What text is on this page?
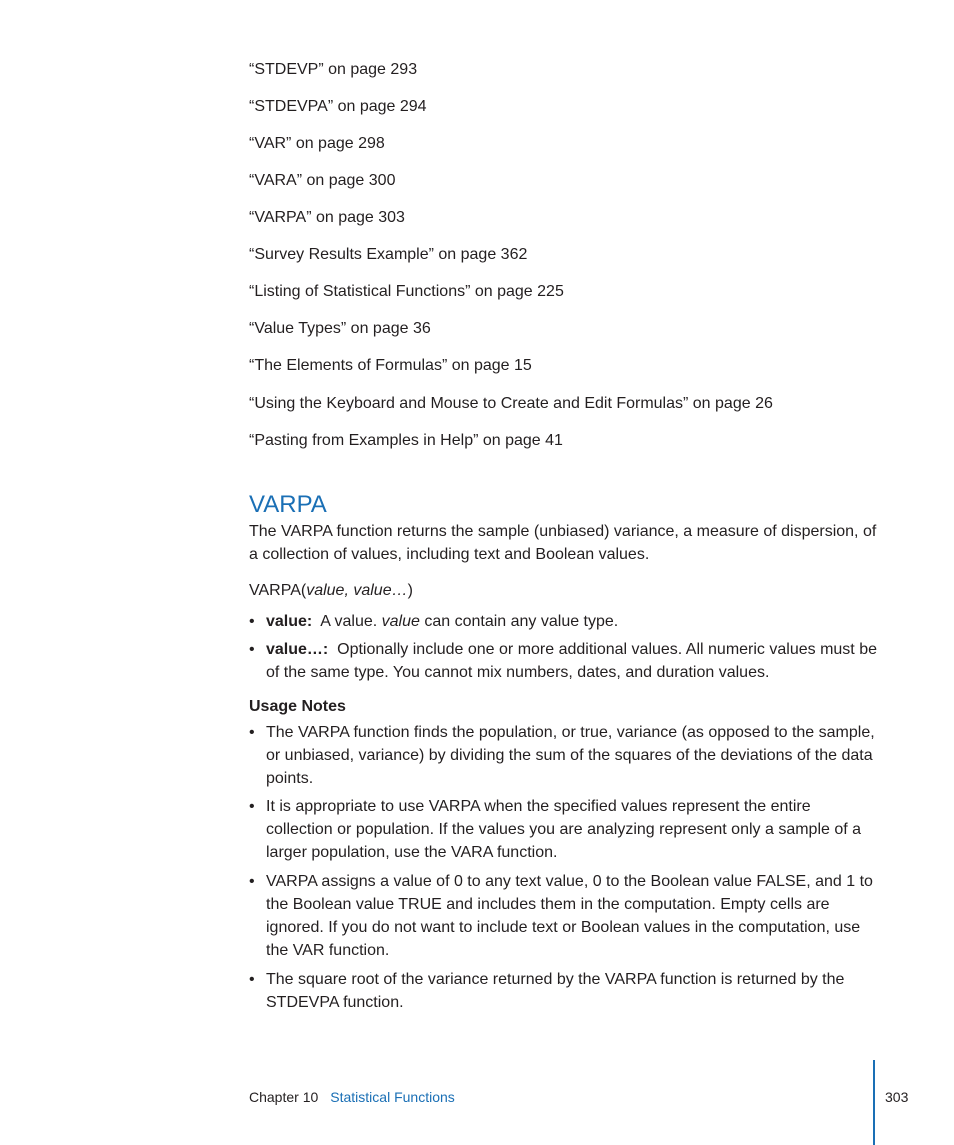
“STDEVP” on page 293
“STDEVPA” on page 294
“VAR” on page 298
“VARA” on page 300
“VARPA” on page 303
“Survey Results Example” on page 362
“Listing of Statistical Functions” on page 225
“Value Types” on page 36
“The Elements of Formulas” on page 15
“Using the Keyboard and Mouse to Create and Edit Formulas” on page 26
“Pasting from Examples in Help” on page 41
VARPA

The VARPA function returns the sample (unbiased) variance, a measure of dispersion, of a collection of values, including text and Boolean values.

VARPA(value, value…)
• value: A value. value can contain any value type.
• value…: Optionally include one or more additional values. All numeric values must be of the same type. You cannot mix numbers, dates, and duration values.
Usage Notes
• The VARPA function finds the population, or true, variance (as opposed to the sample, or unbiased, variance) by dividing the sum of the squares of the deviations of the data points.
• It is appropriate to use VARPA when the specified values represent the entire collection or population. If the values you are analyzing represent only a sample of a larger population, use the VARA function.
• VARPA assigns a value of 0 to any text value, 0 to the Boolean value FALSE, and 1 to the Boolean value TRUE and includes them in the computation. Empty cells are ignored. If you do not want to include text or Boolean values in the computation, use the VAR function.
• The square root of the variance returned by the VARPA function is returned by the STDEVPA function.
Chapter 10 Statistical Functions	303
